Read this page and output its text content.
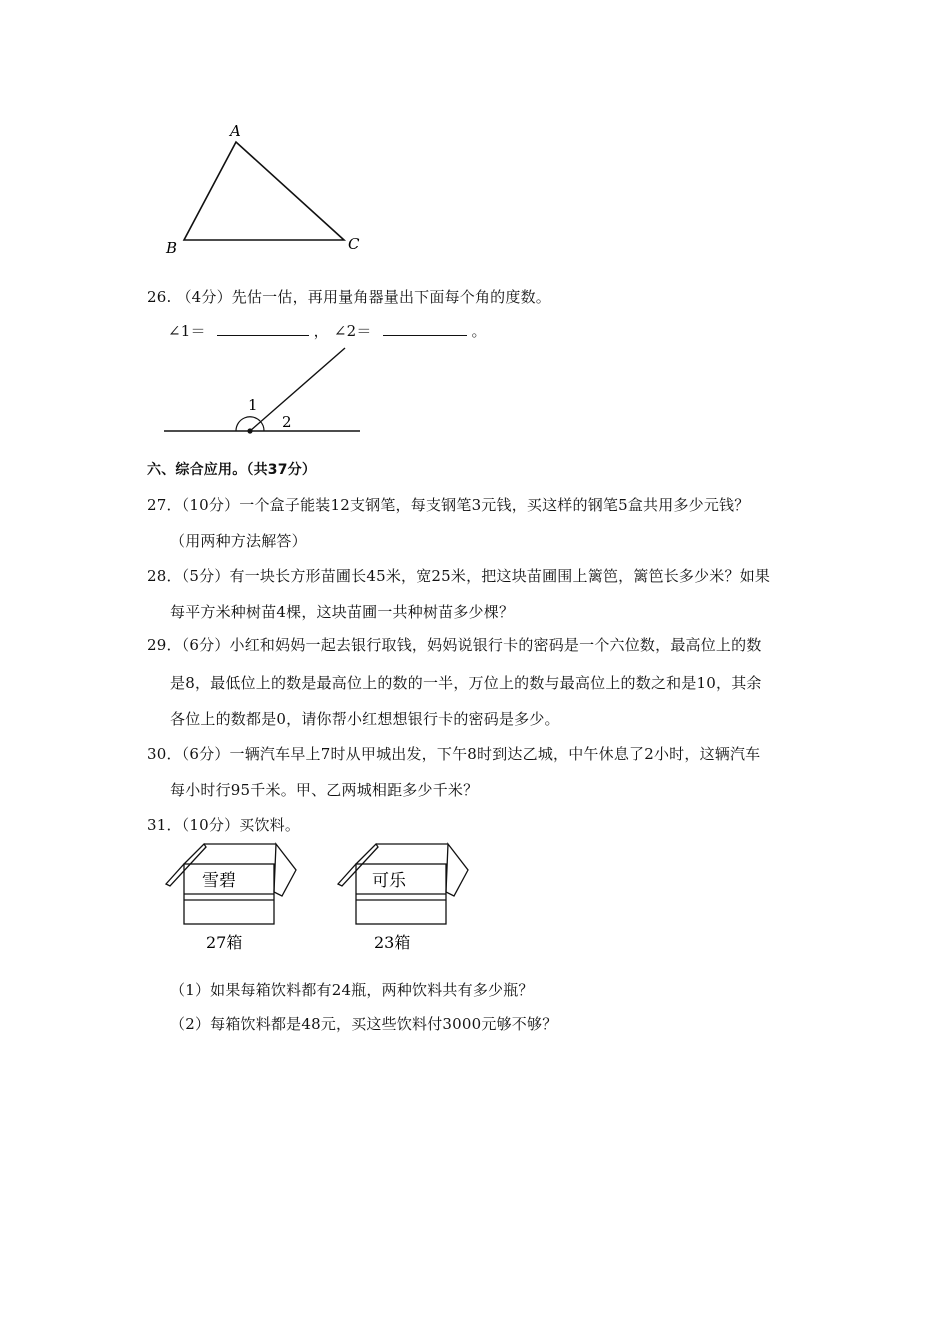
A
B	C
26. （4分）先估一估，再用量角器量出下面每个角的度数。
∠1＝	， ∠2＝	。
1
2
六、综合应用。（共37分）
27．（10分）一个盒子能装12支钢笔，每支钢笔3元钱，买这样的钢笔5盒共用多少元钱？
（用两种方法解答）
28．（5分）有一块长方形苗圃长45米，宽25米，把这块苗圃围上篱笆，篱笆长多少米？如果
每平方米种树苗4棵，这块苗圃一共种树苗多少棵？
29．（6分）小红和妈妈一起去银行取钱，妈妈说银行卡的密码是一个六位数，最高位上的数
是8，最低位上的数是最高位上的数的一半，万位上的数与最高位上的数之和是10，其余
各位上的数都是0，请你帮小红想想银行卡的密码是多少。
30．（6分）一辆汽车早上7时从甲城出发，下午8时到达乙城，中午休息了2小时，这辆汽车
每小时行95千米。甲、乙两城相距多少千米？
31．（10分）买饮料。
雪碧
27箱
可乐
23箱
（1）如果每箱饮料都有24瓶，两种饮料共有多少瓶？
（2）每箱饮料都是48元，买这些饮料付3000元够不够？
